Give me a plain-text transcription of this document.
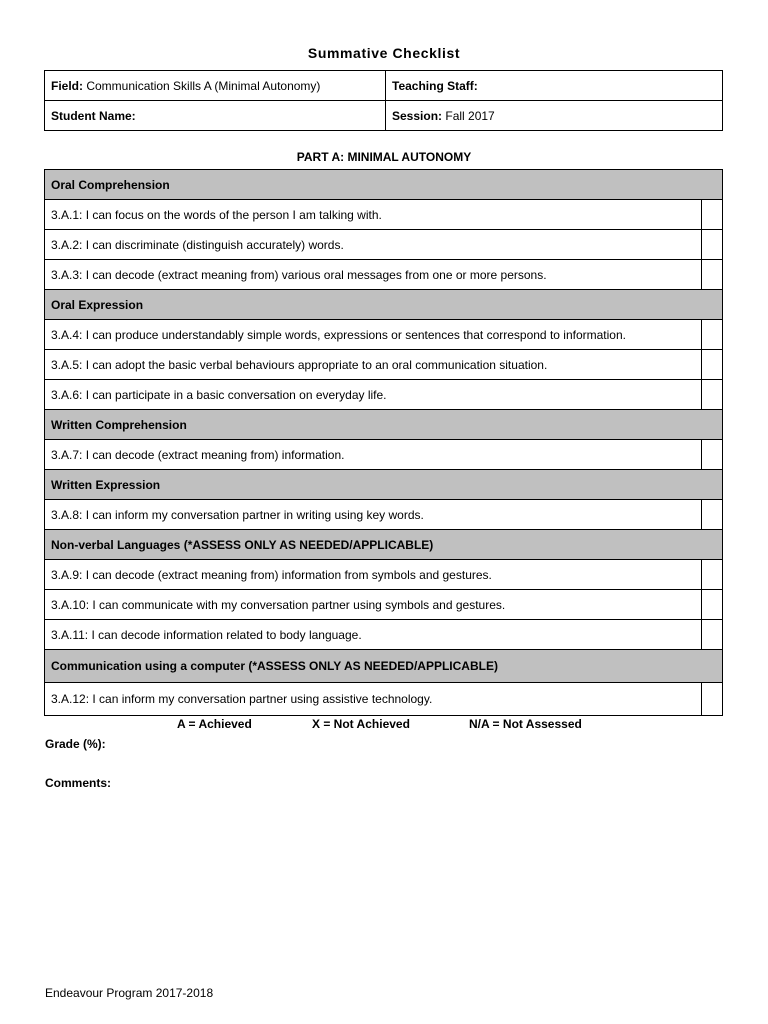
Summative Checklist
Field: Communication Skills A (Minimal Autonomy)	Teaching Staff:
Student Name:	Session: Fall 2017
PART A: MINIMAL AUTONOMY
Oral Comprehension	
3.A.1: I can focus on the words of the person I am talking with.	
3.A.2: I can discriminate (distinguish accurately) words.	
3.A.3: I can decode (extract meaning from) various oral messages from one or more persons.	
Oral Expression	
3.A.4: I can produce understandably simple words, expressions or sentences that correspond to information.	
3.A.5: I can adopt the basic verbal behaviours appropriate to an oral communication situation.	
3.A.6: I can participate in a basic conversation on everyday life.	
Written Comprehension	
3.A.7: I can decode (extract meaning from) information.	
Written Expression	
3.A.8: I can inform my conversation partner in writing using key words.	
Non-verbal Languages (*ASSESS ONLY AS NEEDED/APPLICABLE)	
3.A.9: I can decode (extract meaning from) information from symbols and gestures.	
3.A.10: I can communicate with my conversation partner using symbols and gestures.	
3.A.11: I can decode information related to body language.	
Communication using a computer (*ASSESS ONLY AS NEEDED/APPLICABLE)	
3.A.12: I can inform my conversation partner using assistive technology.	
A = Achieved	X = Not Achieved	N/A = Not Assessed
Grade (%):
Comments:
Endeavour Program 2017-2018
